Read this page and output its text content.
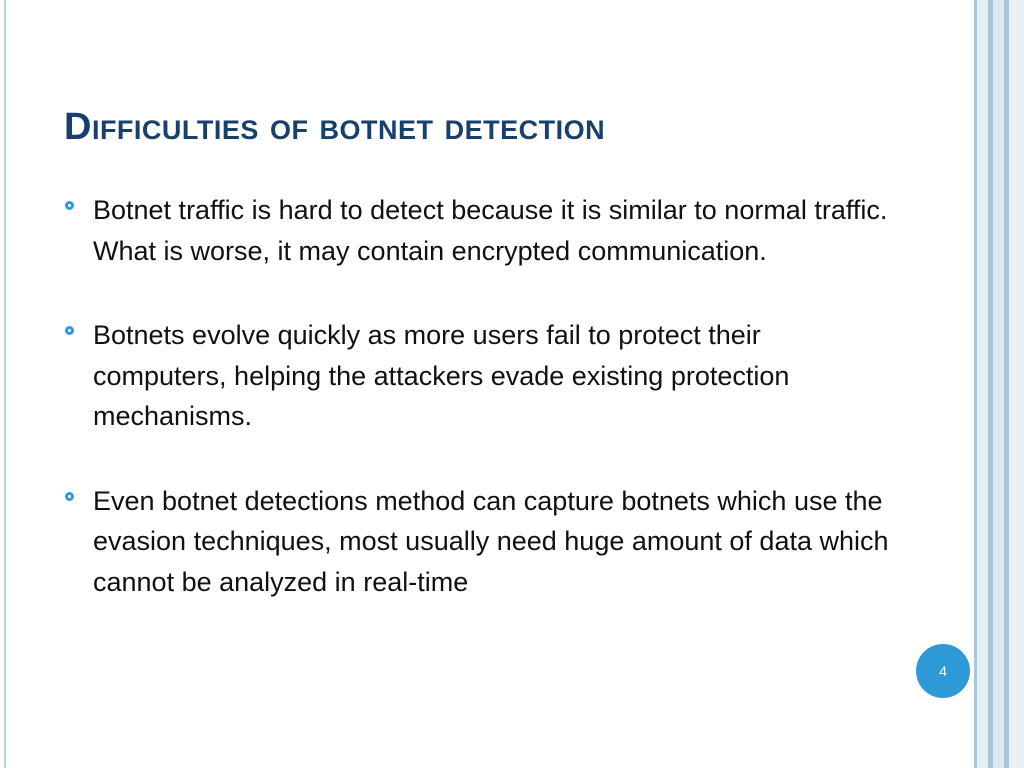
Difficulties of botnet detection
Botnet traffic is hard to detect because it is similar to normal traffic. What is worse, it may contain encrypted communication.
Botnets evolve quickly as more users fail to protect their computers, helping the attackers evade existing protection mechanisms.
Even botnet detections method can capture botnets which use the evasion techniques, most usually need huge amount of data which cannot be analyzed in real-time
4
